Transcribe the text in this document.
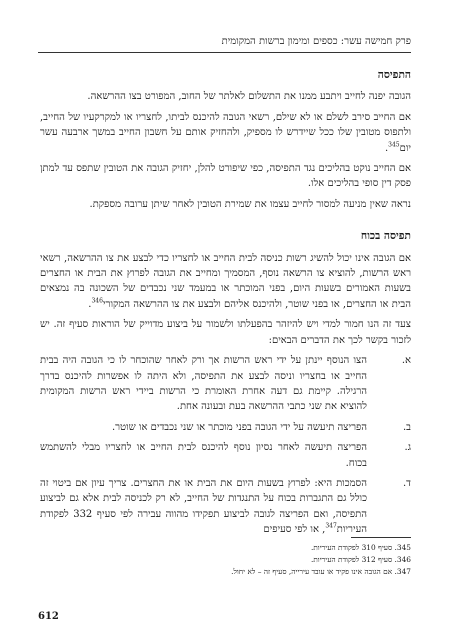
פרק חמישה עשר: כספים ומימון ברשות המקומית
התפיסה

הגובה יפנה לחייב ויתבע ממנו את התשלום לאלתר של החוב, המפורט בצו ההרשאה.

אם החייב סירב לשלם או לא שילם, רשאי הגובה להיכנס לביתו, לחצריו או למקרקעיו של החייב, ולתפוס מטובין שלו ככל שיידרש לו מספיק, ולהחזיק אותם על חשבון החייב במשך ארבעה עשר יום$^{345}$.

אם החייב נוקט בהליכים נגד התפיסה, כפי שיפורט להלן, יחזיק הגובה את הטובין שתפס עד למתן פסק דין סופי בהליכים אלו.

נראה שאין מניעה למסור לחייב עצמו את שמירת הטובין לאחר שיתן ערובה מספקת.

תפיסה בכוח

אם הגובה אינו יכול להשיג רשות כניסה לבית החייב או לחצריו כדי לבצע את צו ההרשאה, רשאי ראש הרשות, להוציא צו הרשאה נוסף, המסמיך ומחייב את הגובה לפרוץ את הבית או החצרים בשעות האמורים בשעות היום, בפני המוכתר או במעמד שני נכבדים של השכונה בה נמצאים הבית או החצרים, או בפני שוטר, ולהיכנס אליהם ולבצע את צו ההרשאה המקורי$^{346}$.

צעד זה הנו חמור למדי ויש להיזהר בהפעלתו ולשמור על ביצוע מדוייק של הוראות סעיף זה. יש לזכור בקשר לכך את הדברים הבאים:

א.
הצו הנוסף יינתן על ידי ראש הרשות אך ורק לאחר שהוכחר לו כי הגובה היה בבית החייב או בחצריו וניסה לבצע את התפיסה, ולא היתה לו אפשרות להיכנס בדרך הרגילה. קיימת גם דעה אחרת האומרת כי הרשות ביידי ראש הרשות המקומית להוציא את שני כתבי ההרשאה בעת ובעונה אחת.
ב.
הפריצה תיעשה על ידי הגובה בפני מוכתר או שני נכבדים או שוטר.
ג.
הפריצה תיעשה לאחר נסיון נוסף להיכנס לבית החייב או לחצריו מבלי להשתמש בכוח.
ד.
הסמכות היא: לפרוץ בשעות היום את הבית או את החצרים. צריך עיון אם ביטוי זה כולל גם התגברות בכוח על התנגדות של החייב, לא רק לכניסה לבית אלא גם לביצוע התפיסה, ואם הפריצה לגובה לביצוע תפקידו מהווה עבירה לפי סעיף 332 לפקודת העיריות$^{347}$, או לפי סעיפים
345. סעיף 310 לפקודת העיריות.
346. סעיף 312 לפקודת העיריות.
347. אם הגובה אינו פקיד או עובד עירייה, סעיף זה – לא יחול.
612
